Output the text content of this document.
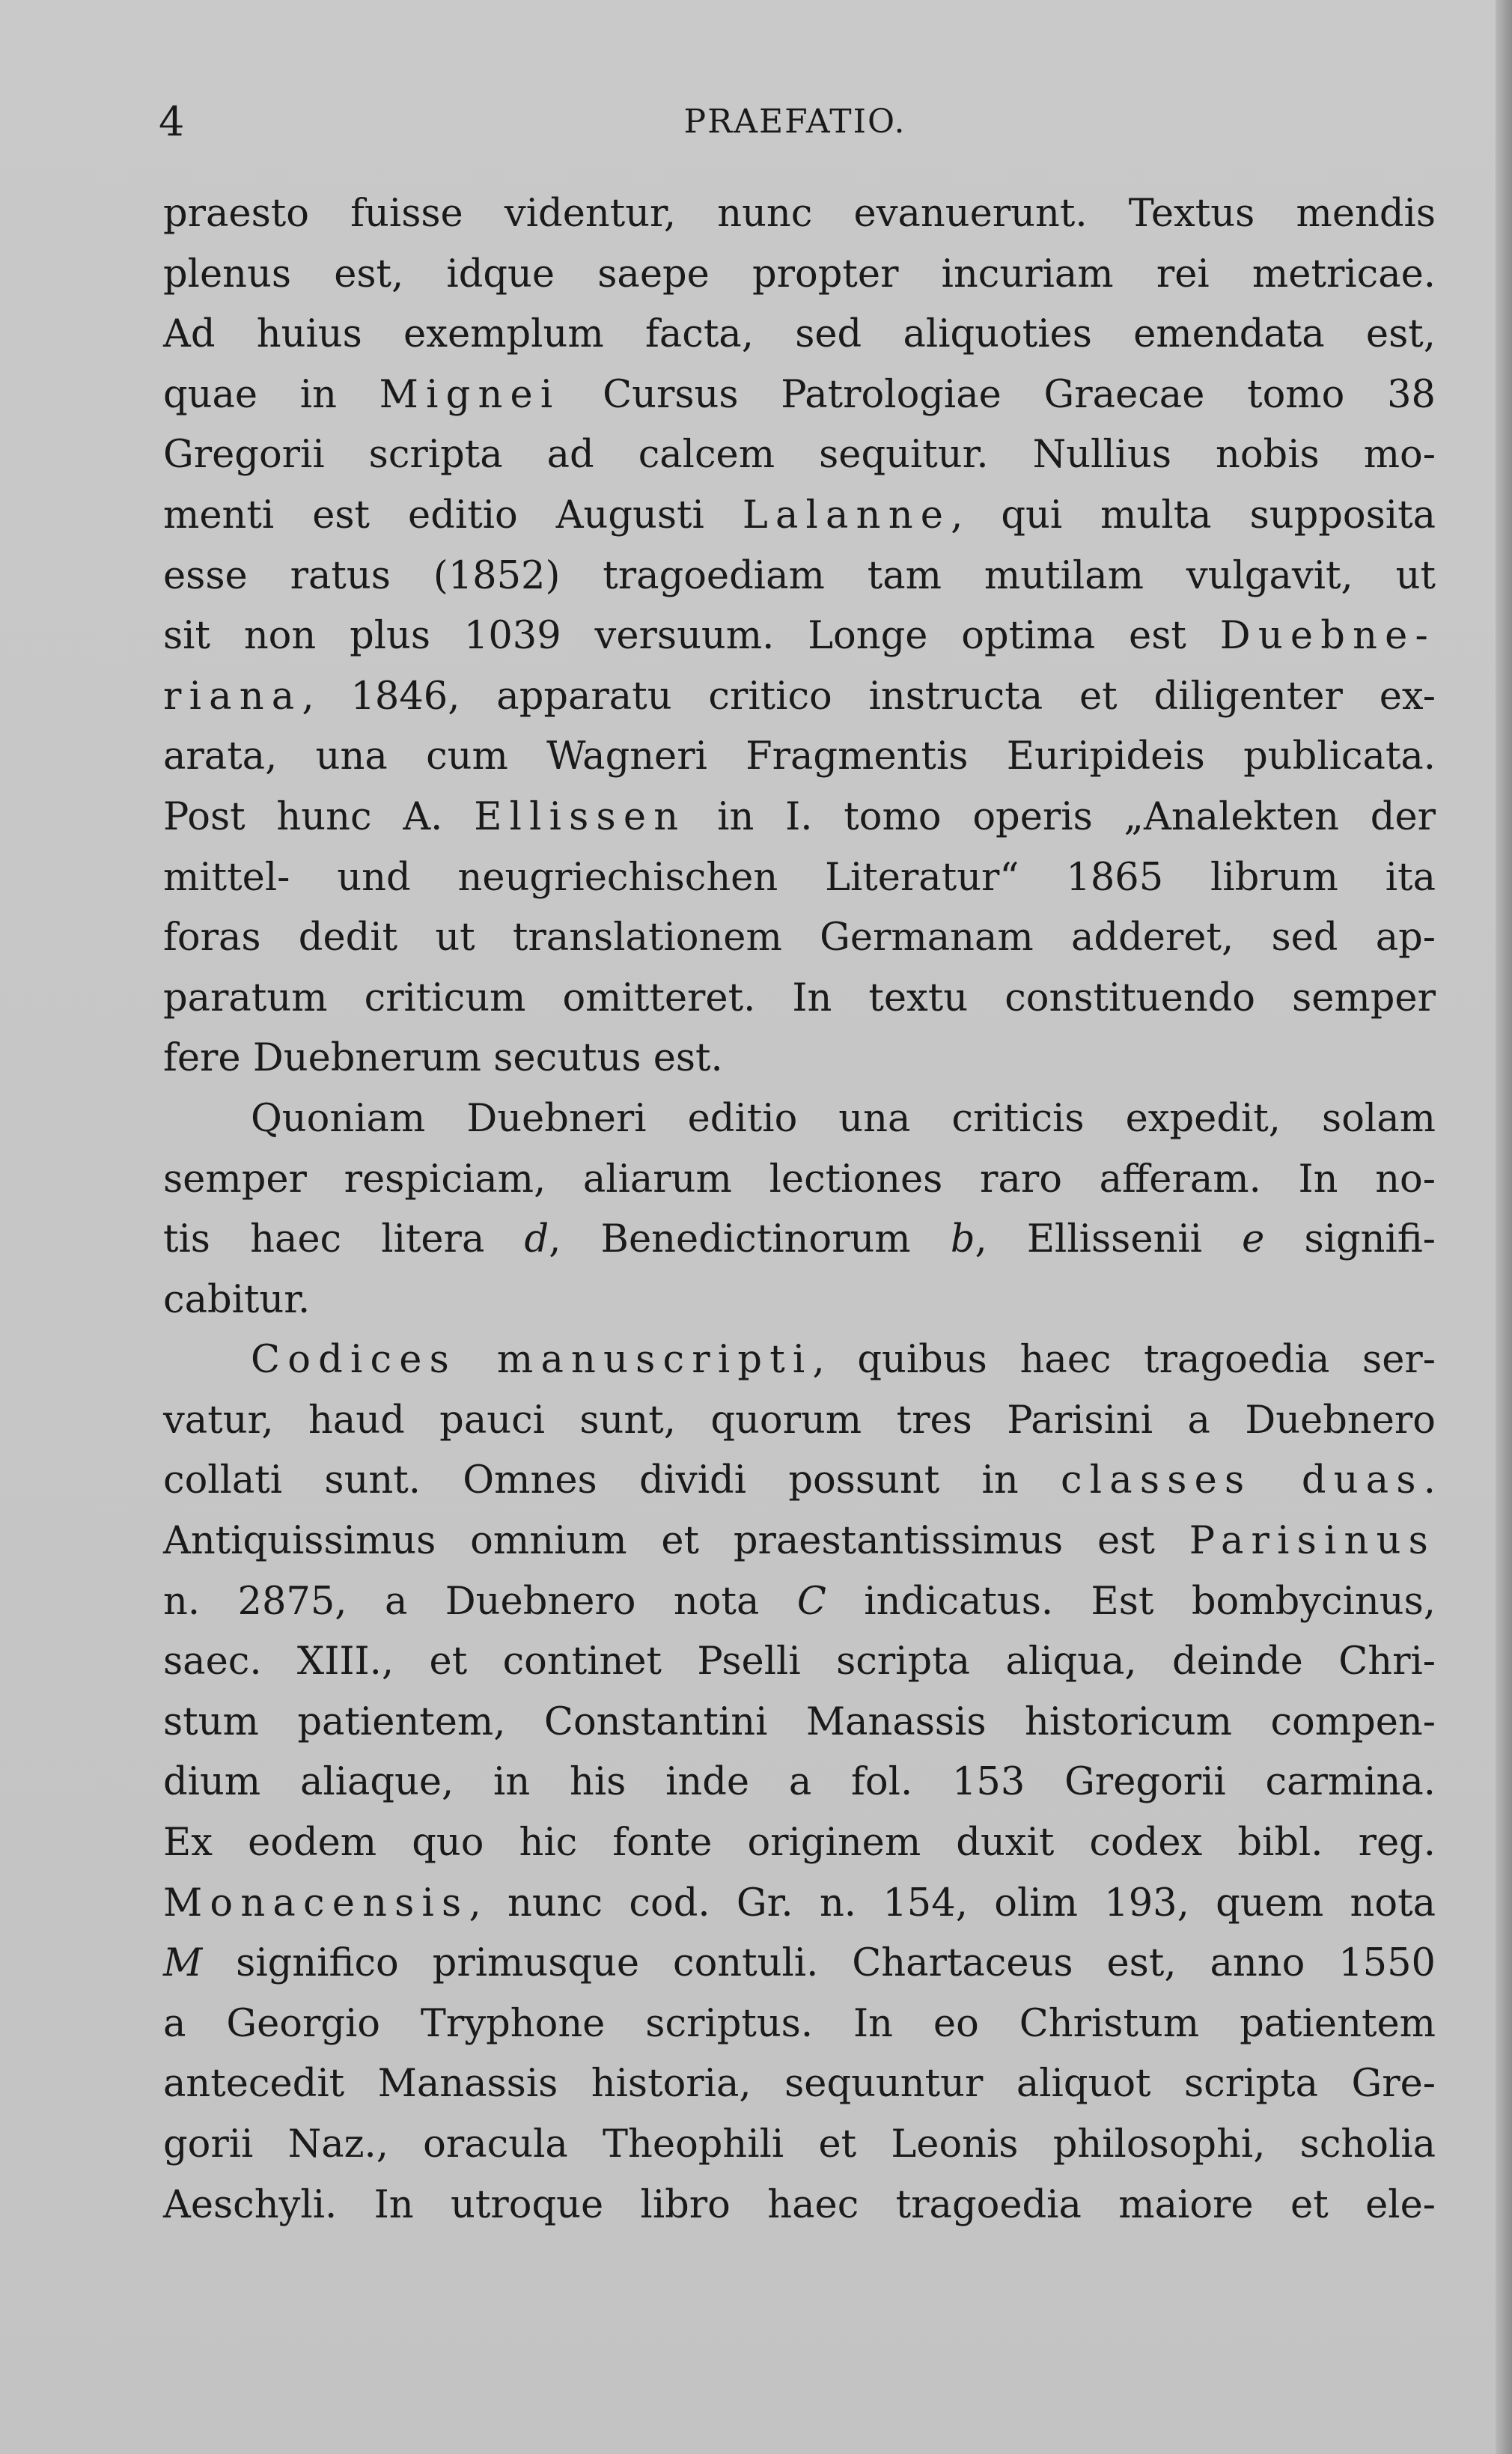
4	PRAEFATIO.
praesto fuisse videntur, nunc evanuerunt. Textus mendis
plenus est, idque saepe propter incuriam rei metricae.
Ad huius exemplum facta, sed aliquoties emendata est,
quae in Mignei Cursus Patrologiae Graecae tomo 38
Gregorii scripta ad calcem sequitur. Nullius nobis mo-
menti est editio Augusti Lalanne, qui multa supposita
esse ratus (1852) tragoediam tam mutilam vulgavit, ut
sit non plus 1039 versuum. Longe optima est Duebne-
riana, 1846, apparatu critico instructa et diligenter ex-
arata, una cum Wagneri Fragmentis Euripideis publicata.
Post hunc A. Ellissen in I. tomo operis „Analekten der
mittel- und neugriechischen Literatur“ 1865 librum ita
foras dedit ut translationem Germanam adderet, sed ap-
paratum criticum omitteret. In textu constituendo semper
fere Duebnerum secutus est.
Quoniam Duebneri editio una criticis expedit, solam
semper respiciam, aliarum lectiones raro afferam. In no-
tis haec litera d, Benedictinorum b, Ellissenii e signifi-
cabitur.
Codices manuscripti, quibus haec tragoedia ser-
vatur, haud pauci sunt, quorum tres Parisini a Duebnero
collati sunt. Omnes dividi possunt in classes duas.
Antiquissimus omnium et praestantissimus est Parisinus
n. 2875, a Duebnero nota C indicatus. Est bombycinus,
saec. XIII., et continet Pselli scripta aliqua, deinde Chri-
stum patientem, Constantini Manassis historicum compen-
dium aliaque, in his inde a fol. 153 Gregorii carmina.
Ex eodem quo hic fonte originem duxit codex bibl. reg.
Monacensis, nunc cod. Gr. n. 154, olim 193, quem nota
M significo primusque contuli. Chartaceus est, anno 1550
a Georgio Tryphone scriptus. In eo Christum patientem
antecedit Manassis historia, sequuntur aliquot scripta Gre-
gorii Naz., oracula Theophili et Leonis philosophi, scholia
Aeschyli. In utroque libro haec tragoedia maiore et ele-
